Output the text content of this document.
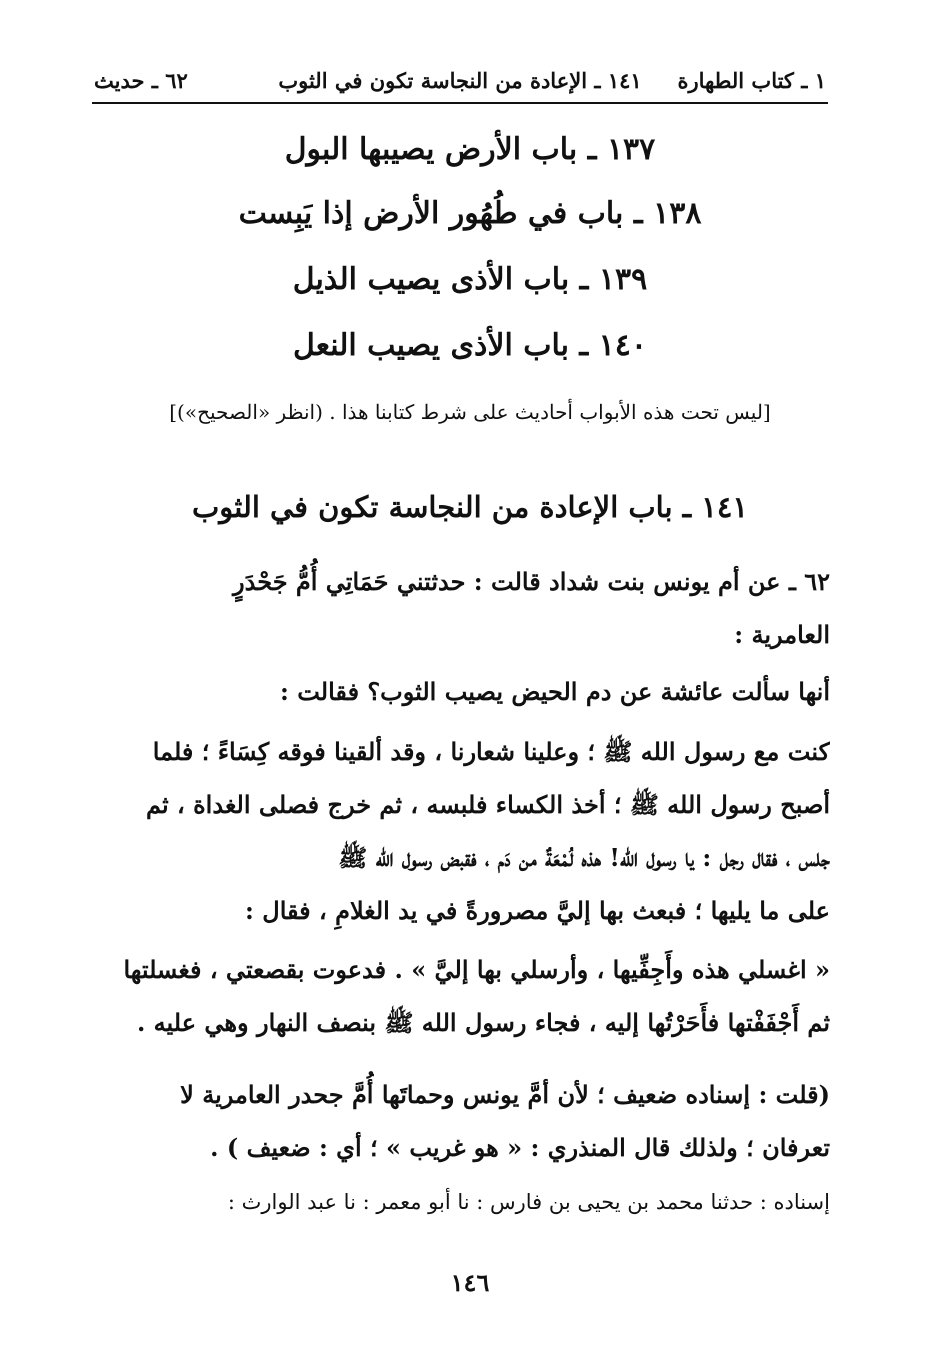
١ ـ كتاب الطهارة
١٤١ ـ الإعادة من النجاسة تكون في الثوب
٦٢ ـ حديث
١٣٧ ـ باب الأرض يصيبها البول
١٣٨ ـ باب في طُهُور الأرض إذا يَبِست
١٣٩ ـ باب الأذى يصيب الذيل
١٤٠ ـ باب الأذى يصيب النعل
[ليس تحت هذه الأبواب أحاديث على شرط كتابنا هذا . (انظر «الصحيح»)]
١٤١ ـ باب الإعادة من النجاسة تكون في الثوب
٦٢ ـ عن أم يونس بنت شداد قالت : حدثتني حَمَاتِي أُمُّ جَحْدَرٍ
العامرية :
أنها سألت عائشة عن دم الحيض يصيب الثوب؟ فقالت :
كنت مع رسول الله ﷺ ؛ وعلينا شعارنا ، وقد ألقينا فوقه كِسَاءً ؛ فلما
أصبح رسول الله ﷺ ؛ أخذ الكساء فلبسه ، ثم خرج فصلى الغداة ، ثم
جلس ، فقال رجل : يا رسول الله! هذه لُمْعَةٌ من دَم ، فقبض رسول الله ﷺ
على ما يليها ؛ فبعث بها إليَّ مصرورةً في يد الغلامِ ، فقال :
« اغسلي هذه وأَجِفِّيها ، وأرسلي بها إليَّ » . فدعوت بقصعتي ، فغسلتها
ثم أَجْفَفْتها فأَحَرْتُها إليه ، فجاء رسول الله ﷺ بنصف النهار وهي عليه .
(قلت : إسناده ضعيف ؛ لأن أمَّ يونس وحماتَها أُمَّ جحدر العامرية لا
تعرفان ؛ ولذلك قال المنذري : « هو غريب » ؛ أي : ضعيف ) .
إسناده : حدثنا محمد بن يحيى بن فارس : نا أبو معمر : نا عبد الوارث :
١٤٦
